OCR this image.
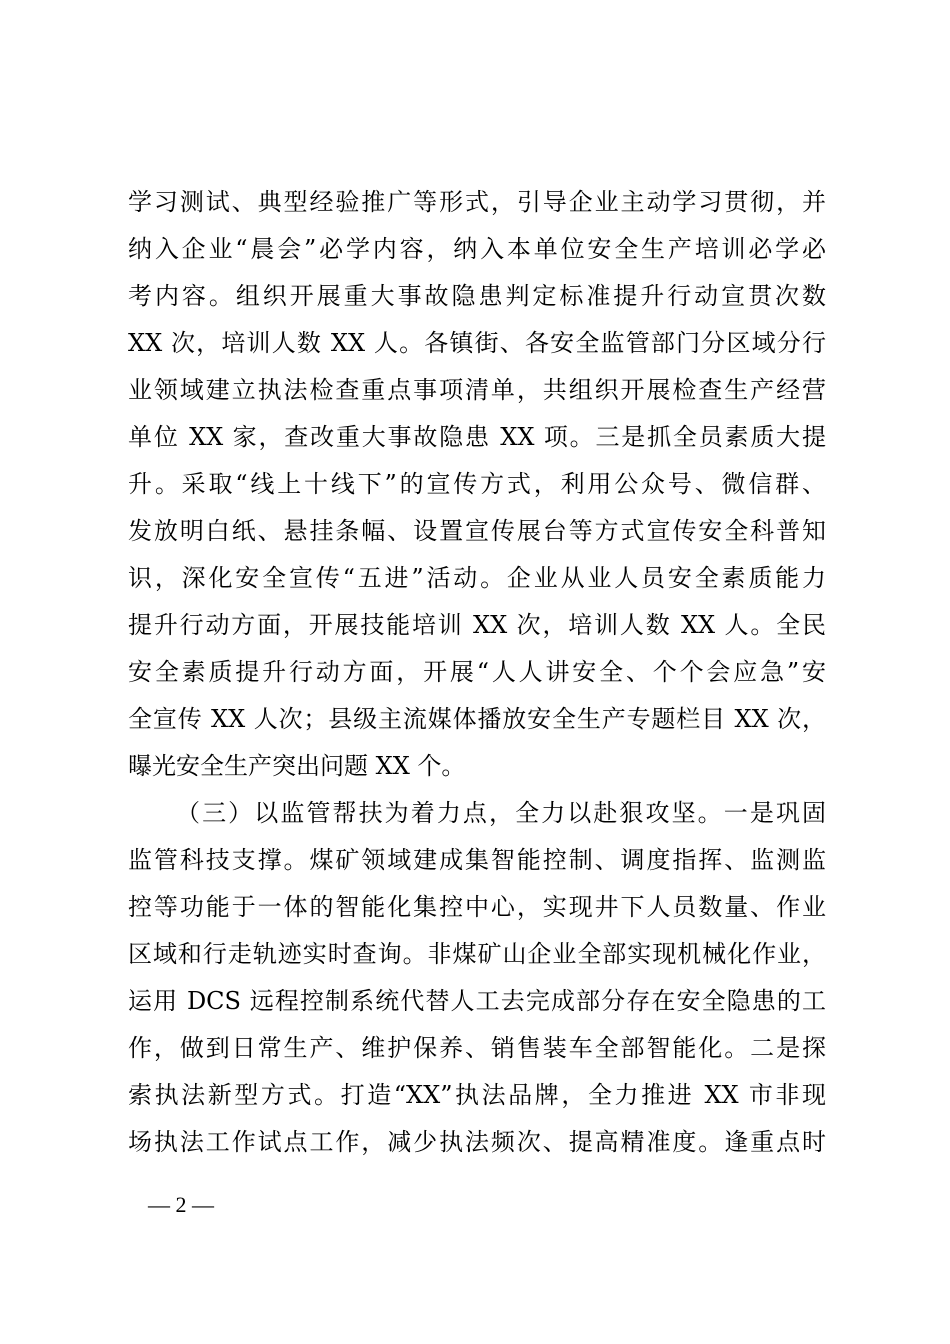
学习测试、典型经验推广等形式，引导企业主动学习贯彻，并
纳入企业“晨会”必学内容，纳入本单位安全生产培训必学必
考内容。组织开展重大事故隐患判定标准提升行动宣贯次数
XX 次，培训人数 XX 人。各镇街、各安全监管部门分区域分行
业领域建立执法检查重点事项清单，共组织开展检查生产经营
单位 XX 家，查改重大事故隐患 XX 项。三是抓全员素质大提
升。采取“线上十线下”的宣传方式，利用公众号、微信群、
发放明白纸、悬挂条幅、设置宣传展台等方式宣传安全科普知
识，深化安全宣传“五进”活动。企业从业人员安全素质能力
提升行动方面，开展技能培训 XX 次，培训人数 XX 人。全民
安全素质提升行动方面，开展“人人讲安全、个个会应急”安
全宣传 XX 人次；县级主流媒体播放安全生产专题栏目 XX 次，
曝光安全生产突出问题 XX 个。
（三）以监管帮扶为着力点，全力以赴狠攻坚。一是巩固
监管科技支撑。煤矿领域建成集智能控制、调度指挥、监测监
控等功能于一体的智能化集控中心，实现井下人员数量、作业
区域和行走轨迹实时查询。非煤矿山企业全部实现机械化作业，
运用 DCS 远程控制系统代替人工去完成部分存在安全隐患的工
作，做到日常生产、维护保养、销售装车全部智能化。二是探
索执法新型方式。打造“XX”执法品牌，全力推进 XX 市非现
场执法工作试点工作，减少执法频次、提高精准度。逢重点时
— 2 —
